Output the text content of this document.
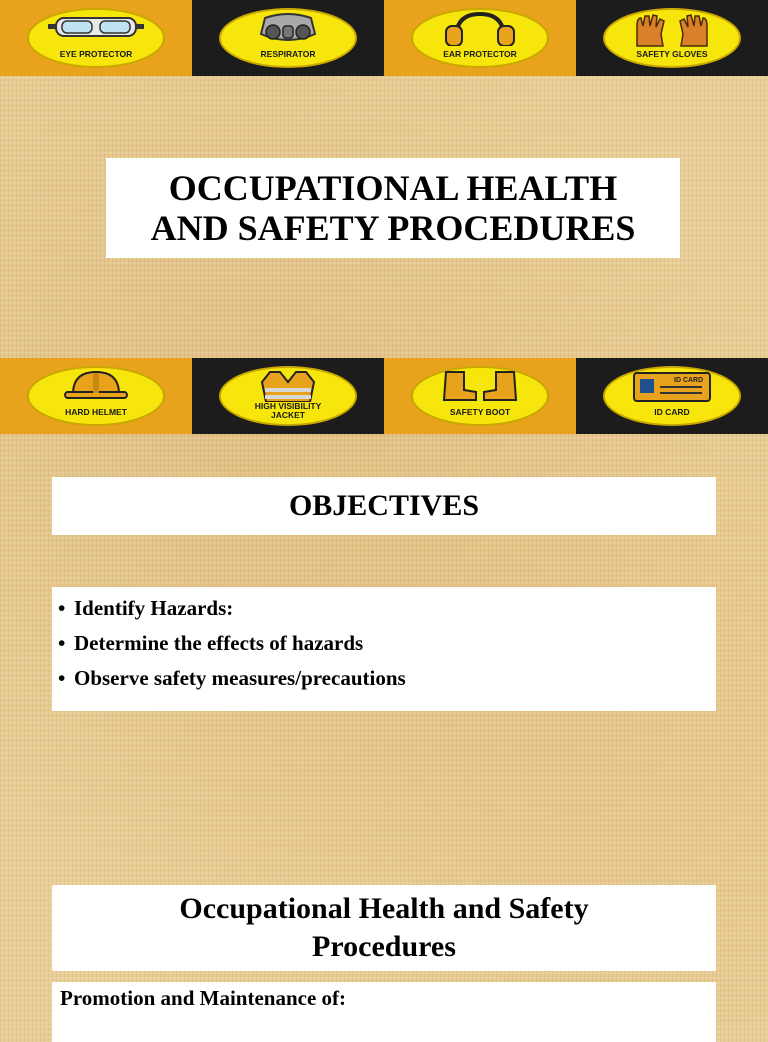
EYE PROTECTOR	RESPIRATOR	EAR PROTECTOR	SAFETY GLOVES
OCCUPATIONAL HEALTH
AND SAFETY PROCEDURES
HARD HELMET
HIGH VISIBILITY
JACKET	SAFETY BOOT
ID CARD
ID CARD
OBJECTIVES
• Identify Hazards:
• Determine the effects of hazards
• Observe safety measures/precautions
Occupational Health and Safety
Procedures
Promotion and Maintenance of:
